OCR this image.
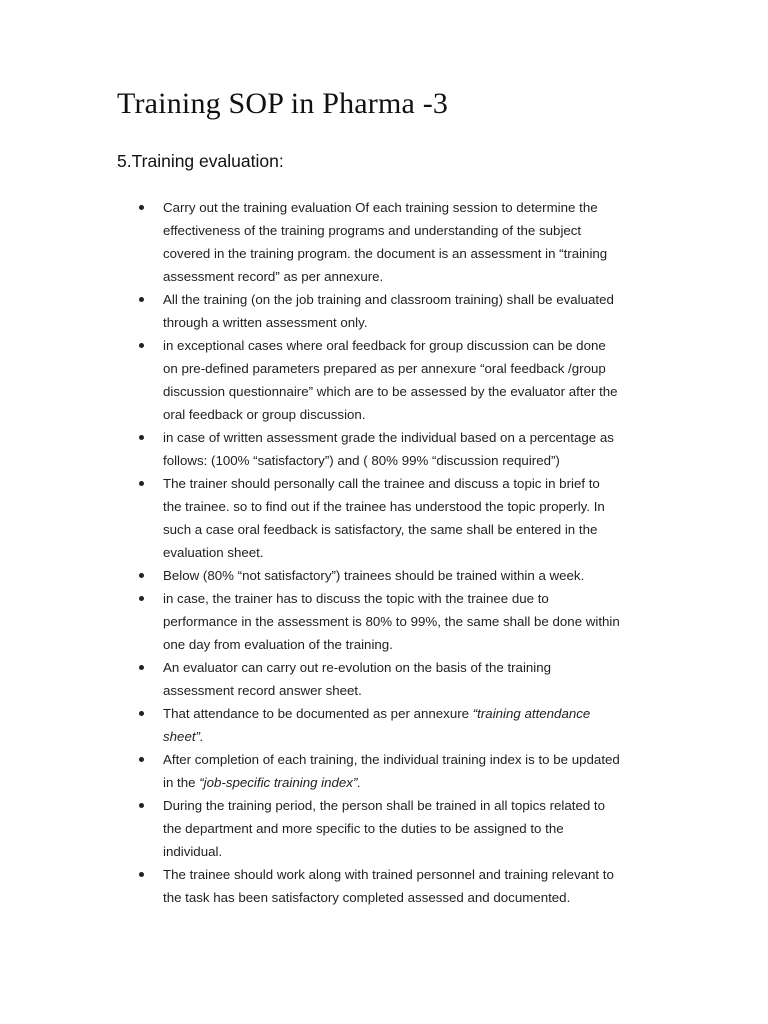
Training SOP in Pharma -3
5.Training evaluation:
Carry out the training evaluation Of each training session to determine the
effectiveness of the training programs and understanding of the subject
covered in the training program. the document is an assessment in “training
assessment record” as per annexure.
All the training (on the job training and classroom training) shall be evaluated
through a written assessment only.
in exceptional cases where oral feedback for group discussion can be done
on pre-defined parameters prepared as per annexure “oral feedback /group
discussion questionnaire” which are to be assessed by the evaluator after the
oral feedback or group discussion.
in case of written assessment grade the individual based on a percentage as
follows: (100% “satisfactory”) and ( 80% 99% “discussion required”)
The trainer should personally call the trainee and discuss a topic in brief to
the trainee. so to find out if the trainee has understood the topic properly. In
such a case oral feedback is satisfactory, the same shall be entered in the
evaluation sheet.
Below (80% “not satisfactory”) trainees should be trained within a week.
in case, the trainer has to discuss the topic with the trainee due to
performance in the assessment is 80% to 99%, the same shall be done within
one day from evaluation of the training.
An evaluator can carry out re-evolution on the basis of the training
assessment record answer sheet.
That attendance to be documented as per annexure “training attendance
sheet”.
After completion of each training, the individual training index is to be updated
in the “job-specific training index”.
During the training period, the person shall be trained in all topics related to
the department and more specific to the duties to be assigned to the
individual.
The trainee should work along with trained personnel and training relevant to
the task has been satisfactory completed assessed and documented.
